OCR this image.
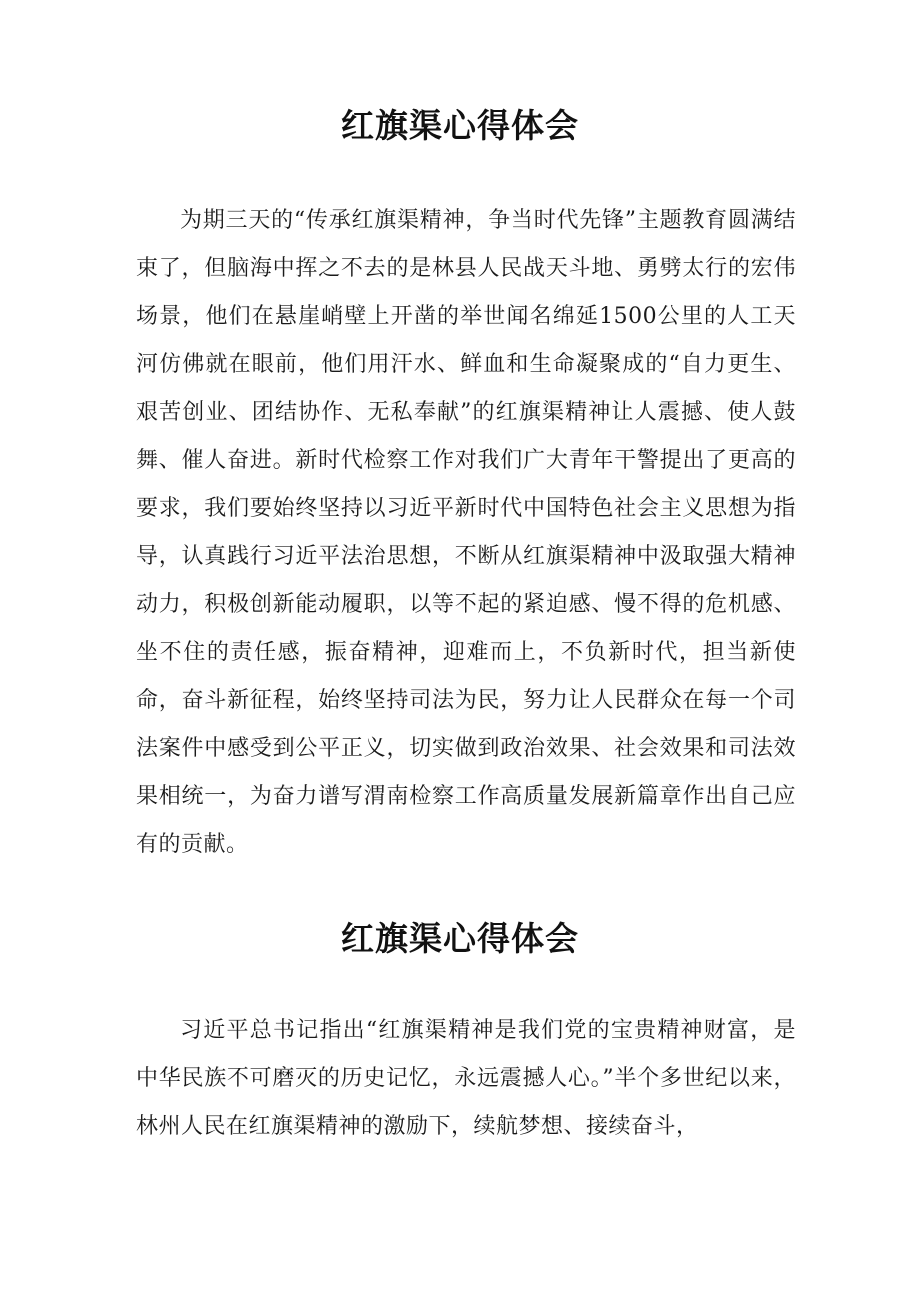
红旗渠心得体会

为期三天的“传承红旗渠精神，争当时代先锋”主题教育圆满结束了，但脑海中挥之不去的是林县人民战天斗地、勇劈太行的宏伟场景，他们在悬崖峭壁上开凿的举世闻名绵延1500公里的人工天河仿佛就在眼前，他们用汗水、鲜血和生命凝聚成的“自力更生、艰苦创业、团结协作、无私奉献”的红旗渠精神让人震撼、使人鼓舞、催人奋进。新时代检察工作对我们广大青年干警提出了更高的要求，我们要始终坚持以习近平新时代中国特色社会主义思想为指导，认真践行习近平法治思想，不断从红旗渠精神中汲取强大精神动力，积极创新能动履职，以等不起的紧迫感、慢不得的危机感、坐不住的责任感，振奋精神，迎难而上，不负新时代，担当新使命，奋斗新征程，始终坚持司法为民，努力让人民群众在每一个司法案件中感受到公平正义，切实做到政治效果、社会效果和司法效果相统一，为奋力谱写渭南检察工作高质量发展新篇章作出自己应有的贡献。

红旗渠心得体会

习近平总书记指出“红旗渠精神是我们党的宝贵精神财富，是中华民族不可磨灭的历史记忆，永远震撼人心。”半个多世纪以来，林州人民在红旗渠精神的激励下，续航梦想、接续奋斗，
